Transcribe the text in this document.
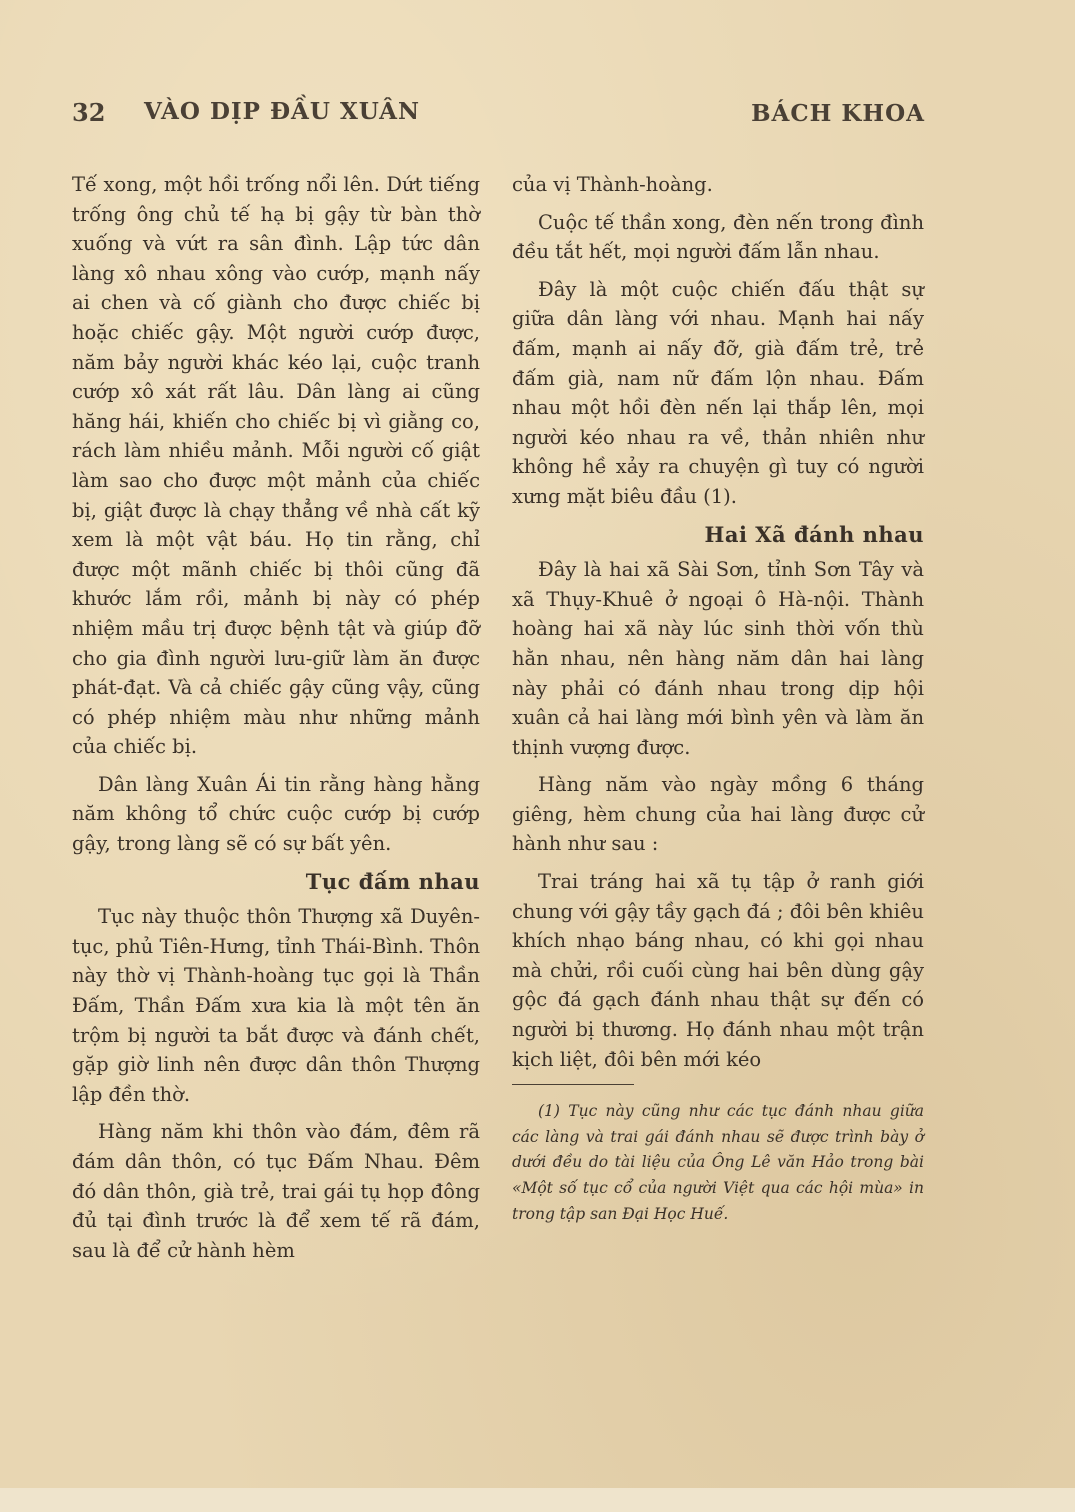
32 VÀO DỊP ĐẦU XUÂN	BÁCH KHOA

Tế xong, một hồi trống nổi lên. Dứt tiếng trống ông chủ tế hạ bị gậy từ bàn thờ xuống và vứt ra sân đình. Lập tức dân làng xô nhau xông vào cướp, mạnh nấy ai chen và cố giành cho được chiếc bị hoặc chiếc gậy. Một người cướp được, năm bảy người khác kéo lại, cuộc tranh cướp xô xát rất lâu. Dân làng ai cũng hăng hái, khiến cho chiếc bị vì giằng co, rách làm nhiều mảnh. Mỗi người cố giật làm sao cho được một mảnh của chiếc bị, giật được là chạy thẳng về nhà cất kỹ xem là một vật báu. Họ tin rằng, chỉ được một mãnh chiếc bị thôi cũng đã khước lắm rồi, mảnh bị này có phép nhiệm mầu trị được bệnh tật và giúp đỡ cho gia đình người lưu-giữ làm ăn được phát-đạt. Và cả chiếc gậy cũng vậy, cũng có phép nhiệm màu như những mảnh của chiếc bị.

Dân làng Xuân Ái tin rằng hàng hằng năm không tổ chức cuộc cướp bị cướp gậy, trong làng sẽ có sự bất yên.

Tục đấm nhau

Tục này thuộc thôn Thượng xã Duyên-tục, phủ Tiên-Hưng, tỉnh Thái-Bình. Thôn này thờ vị Thành-hoàng tục gọi là Thần Đấm, Thần Đấm xưa kia là một tên ăn trộm bị người ta bắt được và đánh chết, gặp giờ linh nên được dân thôn Thượng lập đền thờ.

Hàng năm khi thôn vào đám, đêm rã đám dân thôn, có tục Đấm Nhau. Đêm đó dân thôn, già trẻ, trai gái tụ họp đông đủ tại đình trước là để xem tế rã đám, sau là để cử hành hèm

của vị Thành-hoàng.

Cuộc tế thần xong, đèn nến trong đình đều tắt hết, mọi người đấm lẫn nhau.

Đây là một cuộc chiến đấu thật sự giữa dân làng với nhau. Mạnh hai nấy đấm, mạnh ai nấy đỡ, già đấm trẻ, trẻ đấm già, nam nữ đấm lộn nhau. Đấm nhau một hồi đèn nến lại thắp lên, mọi người kéo nhau ra về, thản nhiên như không hề xảy ra chuyện gì tuy có người xưng mặt biêu đầu (1).

Hai Xã đánh nhau

Đây là hai xã Sài Sơn, tỉnh Sơn Tây và xã Thụy-Khuê ở ngoại ô Hà-nội. Thành hoàng hai xã này lúc sinh thời vốn thù hằn nhau, nên hàng năm dân hai làng này phải có đánh nhau trong dịp hội xuân cả hai làng mới bình yên và làm ăn thịnh vượng được.

Hàng năm vào ngày mồng 6 tháng giêng, hèm chung của hai làng được cử hành như sau :

Trai tráng hai xã tụ tập ở ranh giới chung với gậy tầy gạch đá ; đôi bên khiêu khích nhạo báng nhau, có khi gọi nhau mà chửi, rồi cuối cùng hai bên dùng gậy gộc đá gạch đánh nhau thật sự đến có người bị thương. Họ đánh nhau một trận kịch liệt, đôi bên mới kéo

(1) Tục này cũng như các tục đánh nhau giữa các làng và trai gái đánh nhau sẽ được trình bày ở dưới đều do tài liệu của Ông Lê văn Hảo trong bài «Một số tục cổ của người Việt qua các hội mùa» in trong tập san Đại Học Huế.
